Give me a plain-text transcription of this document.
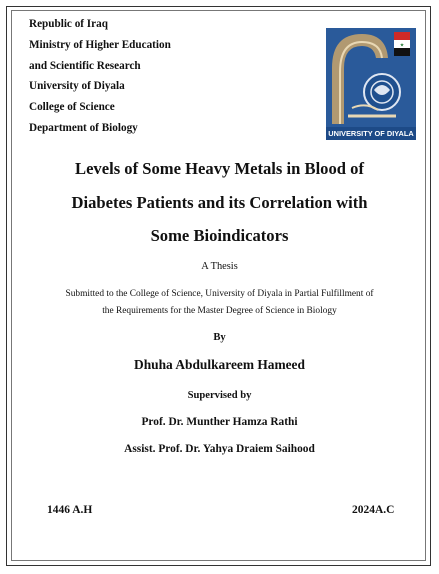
Republic of Iraq
Ministry of Higher Education
and Scientific Research
University of Diyala
College of Science
Department of Biology
★
UNIVERSITY OF DIYALA
Levels of Some Heavy Metals in Blood of
Diabetes Patients and its Correlation with
Some Bioindicators
A Thesis
Submitted to the College of Science, University of Diyala in Partial Fulfillment of
the Requirements for the Master Degree of Science in Biology
By
Dhuha Abdulkareem Hameed
Supervised by
Prof. Dr. Munther Hamza Rathi
Assist. Prof. Dr. Yahya Draiem Saihood
1446 A.H	2024A.C
